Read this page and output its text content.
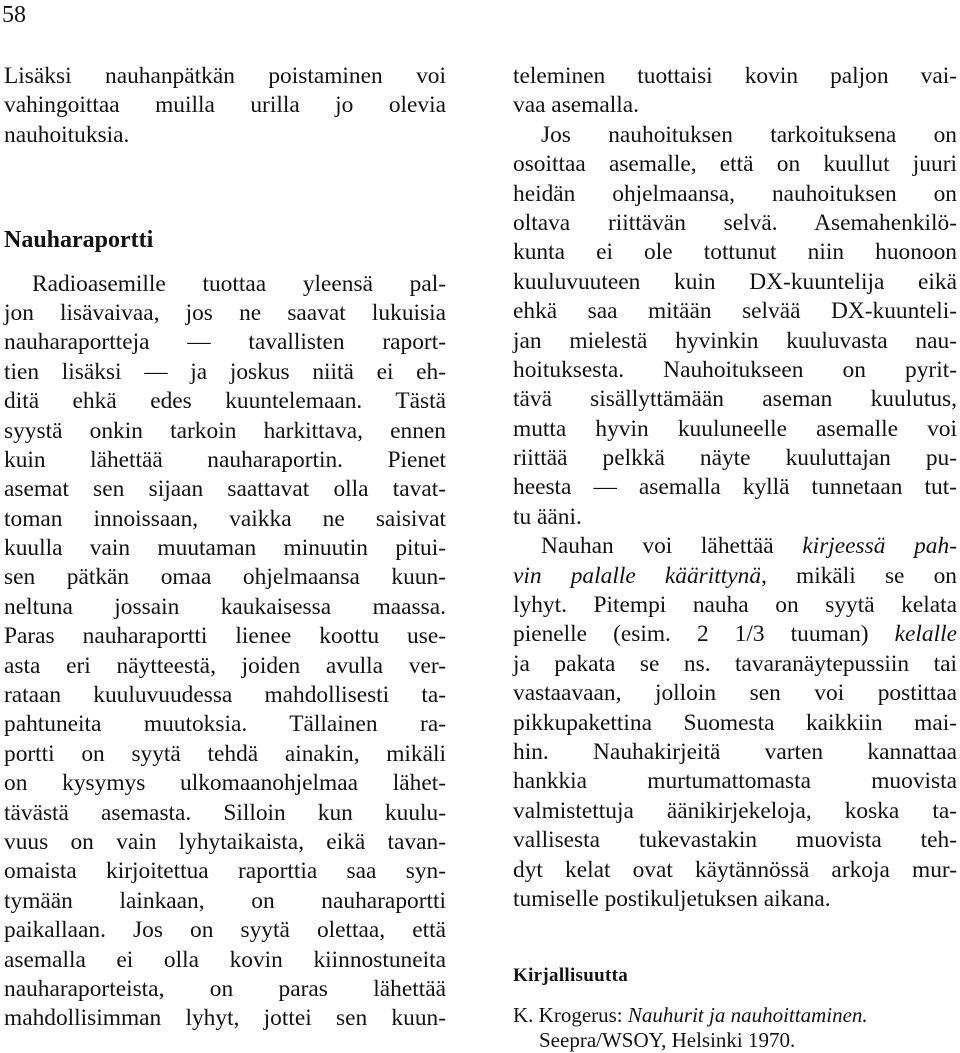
58
Lisäksi nauhanpätkän poistaminen voi
vahingoittaa muilla urilla jo olevia
nauhoituksia.
Nauharaportti
Radioasemille tuottaa yleensä pal-
jon lisävaivaa, jos ne saavat lukuisia
nauharaportteja — tavallisten raport-
tien lisäksi — ja joskus niitä ei eh-
ditä ehkä edes kuuntelemaan. Tästä
syystä onkin tarkoin harkittava, ennen
kuin lähettää nauharaportin. Pienet
asemat sen sijaan saattavat olla tavat-
toman innoissaan, vaikka ne saisivat
kuulla vain muutaman minuutin pitui-
sen pätkän omaa ohjelmaansa kuun-
neltuna jossain kaukaisessa maassa.
Paras nauharaportti lienee koottu use-
asta eri näytteestä, joiden avulla ver-
rataan kuuluvuudessa mahdollisesti ta-
pahtuneita muutoksia. Tällainen ra-
portti on syytä tehdä ainakin, mikäli
on kysymys ulkomaanohjelmaa lähet-
tävästä asemasta. Silloin kun kuulu-
vuus on vain lyhytaikaista, eikä tavan-
omaista kirjoitettua raporttia saa syn-
tymään lainkaan, on nauharaportti
paikallaan. Jos on syytä olettaa, että
asemalla ei olla kovin kiinnostuneita
nauharaporteista, on paras lähettää
mahdollisimman lyhyt, jottei sen kuun-
teleminen tuottaisi kovin paljon vai-
vaa asemalla.
Jos nauhoituksen tarkoituksena on
osoittaa asemalle, että on kuullut juuri
heidän ohjelmaansa, nauhoituksen on
oltava riittävän selvä. Asemahenkilö-
kunta ei ole tottunut niin huonoon
kuuluvuuteen kuin DX-kuuntelija eikä
ehkä saa mitään selvää DX-kuunteli-
jan mielestä hyvinkin kuuluvasta nau-
hoituksesta. Nauhoitukseen on pyrit-
tävä sisällyttämään aseman kuulutus,
mutta hyvin kuuluneelle asemalle voi
riittää pelkkä näyte kuuluttajan pu-
heesta — asemalla kyllä tunnetaan tut-
tu ääni.
Nauhan voi lähettää kirjeessä pah-
vin palalle käärittynä, mikäli se on
lyhyt. Pitempi nauha on syytä kelata
pienelle (esim. 2 1/3 tuuman) kelalle
ja pakata se ns. tavaranäytepussiin tai
vastaavaan, jolloin sen voi postittaa
pikkupakettina Suomesta kaikkiin mai-
hin. Nauhakirjeitä varten kannattaa
hankkia murtumattomasta muovista
valmistettuja äänikirjekeloja, koska ta-
vallisesta tukevastakin muovista teh-
dyt kelat ovat käytännössä arkoja mur-
tumiselle postikuljetuksen aikana.
Kirjallisuutta
K. Krogerus: Nauhurit ja nauhoittaminen.
Seepra/WSOY, Helsinki 1970.
